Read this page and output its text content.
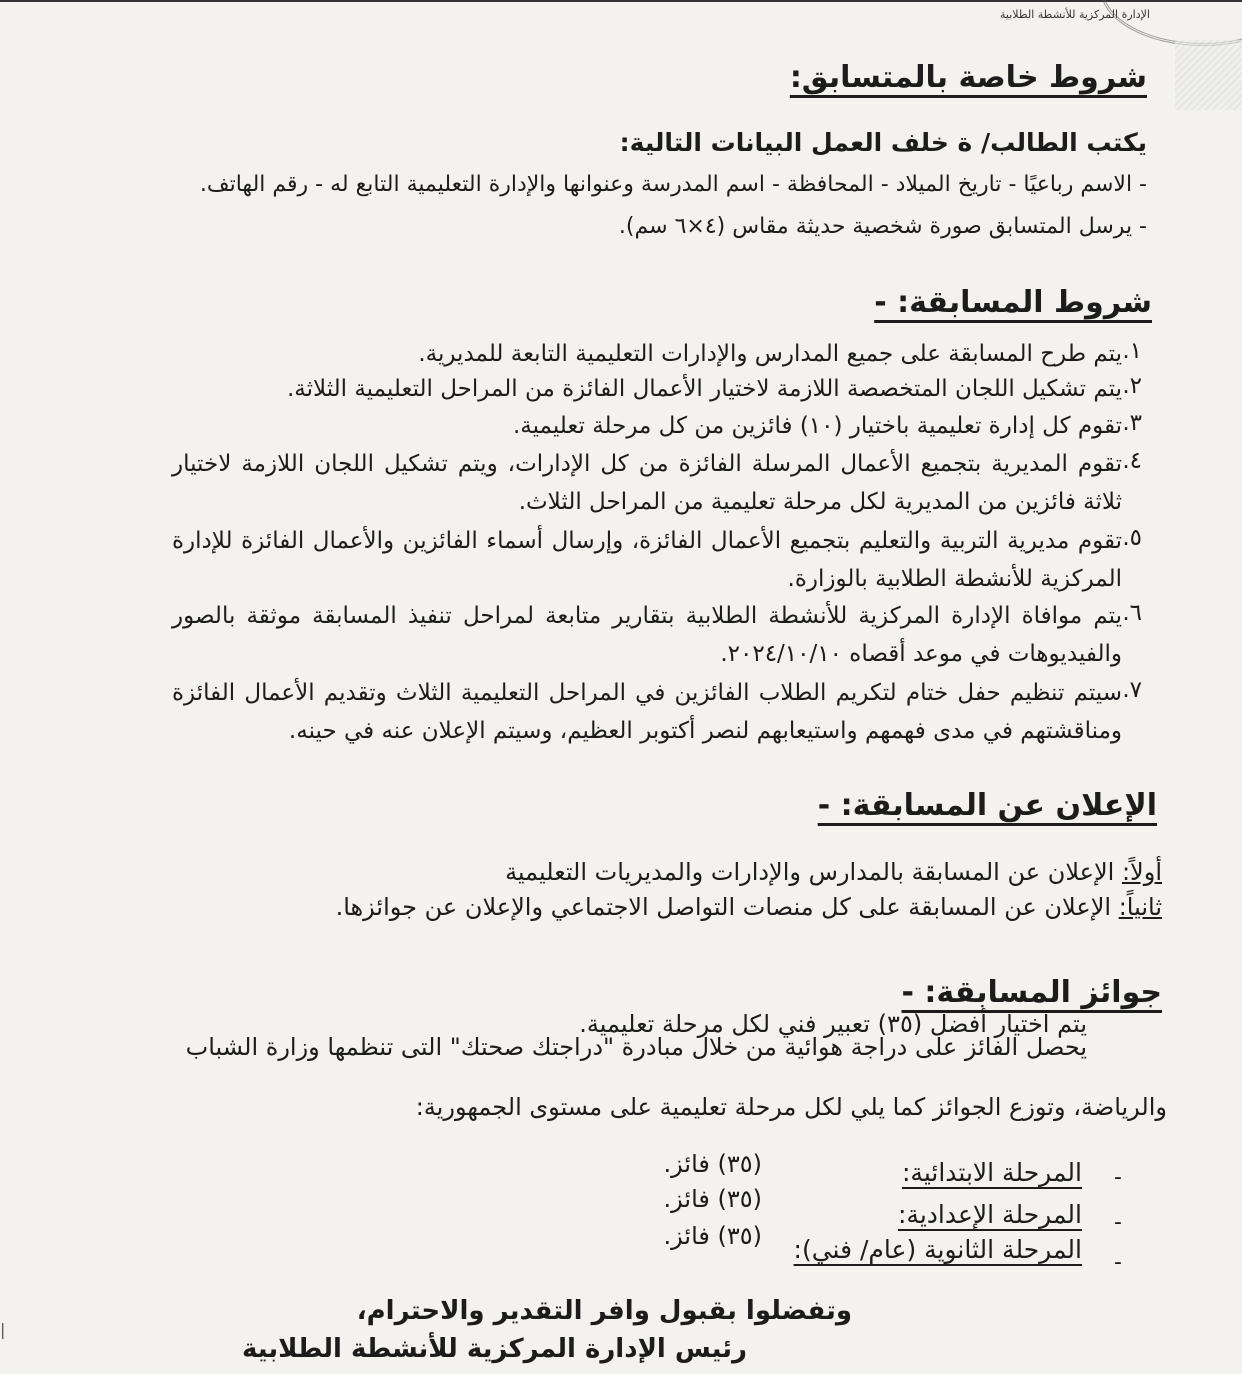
الإدارة المركزية للأنشطة الطلابية
شروط خاصة بالمتسابق:
يكتب الطالب/ ة خلف العمل البيانات التالية:
- الاسم رباعيًا - تاريخ الميلاد - المحافظة - اسم المدرسة وعنوانها والإدارة التعليمية التابع له - رقم الهاتف.
- يرسل المتسابق صورة شخصية حديثة مقاس (٤×٦ سم).
شروط المسابقة: -
١.
يتم طرح المسابقة على جميع المدارس والإدارات التعليمية التابعة للمديرية.
٢.
يتم تشكيل اللجان المتخصصة اللازمة لاختيار الأعمال الفائزة من المراحل التعليمية الثلاثة.
٣.
تقوم كل إدارة تعليمية باختيار (١٠) فائزين من كل مرحلة تعليمية.
٤.
تقوم المديرية بتجميع الأعمال المرسلة الفائزة من كل الإدارات، ويتم تشكيل اللجان اللازمة لاختيار ثلاثة فائزين من المديرية لكل مرحلة تعليمية من المراحل الثلاث.
٥.
تقوم مديرية التربية والتعليم بتجميع الأعمال الفائزة، وإرسال أسماء الفائزين والأعمال الفائزة للإدارة المركزية للأنشطة الطلابية بالوزارة.
٦.
يتم موافاة الإدارة المركزية للأنشطة الطلابية بتقارير متابعة لمراحل تنفيذ المسابقة موثقة بالصور والفيديوهات في موعد أقصاه ٢٠٢٤/١٠/١٠.
٧.
سيتم تنظيم حفل ختام لتكريم الطلاب الفائزين في المراحل التعليمية الثلاث وتقديم الأعمال الفائزة ومناقشتهم في مدى فهمهم واستيعابهم لنصر أكتوبر العظيم، وسيتم الإعلان عنه في حينه.
الإعلان عن المسابقة: -
أولاً: الإعلان عن المسابقة بالمدارس والإدارات والمديريات التعليمية
ثانياً: الإعلان عن المسابقة على كل منصات التواصل الاجتماعي والإعلان عن جوائزها.
جوائز المسابقة: -
يتم اختيار أفضل (٣٥) تعبير فني لكل مرحلة تعليمية.
يحصل الفائز على دراجة هوائية من خلال مبادرة "دراجتك صحتك" التى تنظمها وزارة الشباب
والرياضة، وتوزع الجوائز كما يلي لكل مرحلة تعليمية على مستوى الجمهورية:
-
المرحلة الابتدائية:
(٣٥) فائز.
-
المرحلة الإعدادية:
(٣٥) فائز.
-
المرحلة الثانوية (عام/ فني):
(٣٥) فائز.
وتفضلوا بقبول وافر التقدير والاحترام،
رئيس الإدارة المركزية للأنشطة الطلابية
|
